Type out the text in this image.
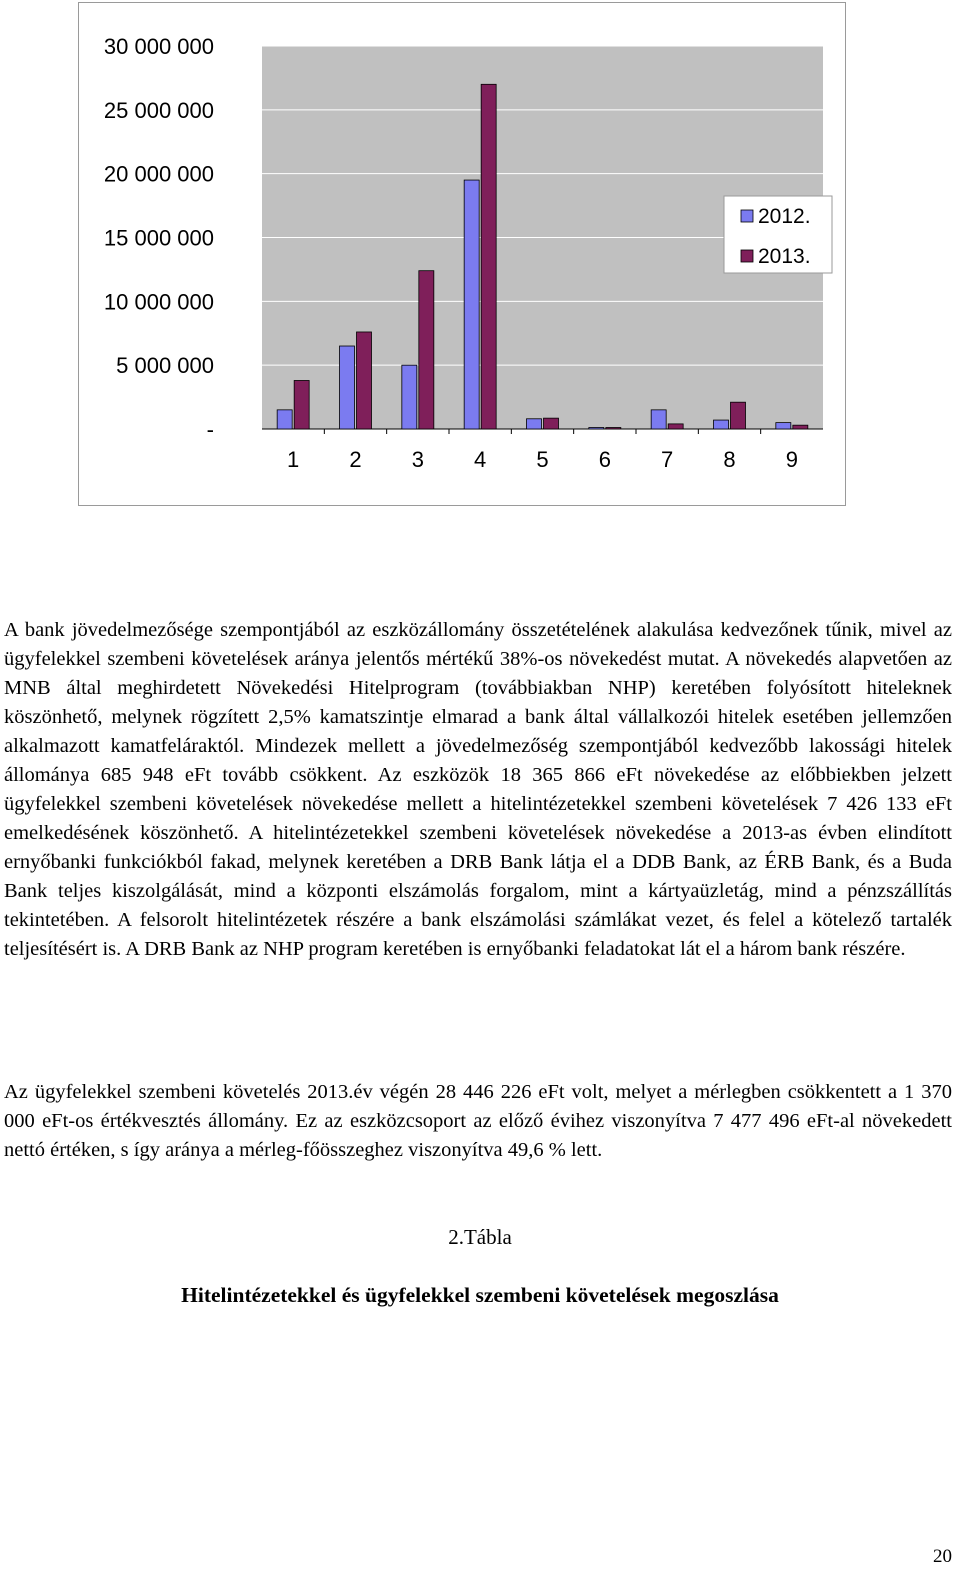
-
5 000 000
10 000 000
15 000 000
20 000 000
25 000 000
30 000 000
1 2 3 4 5 6 7 8 9
2012.
2013.

A bank jövedelmezősége szempontjából az eszközállomány összetételének alakulása kedvezőnek tűnik, mivel az ügyfelekkel szembeni követelések aránya jelentős mértékű 38%-os növekedést mutat. A növekedés alapvetően az MNB által meghirdetett Növekedési Hitelprogram (továbbiakban NHP) keretében folyósított hiteleknek köszönhető, melynek rögzített 2,5% kamatszintje elmarad a bank által vállalkozói hitelek esetében jellemzően alkalmazott kamatfeláraktól. Mindezek mellett a jövedelmezőség szempontjából kedvezőbb lakossági hitelek állománya 685 948 eFt tovább csökkent. Az eszközök 18 365 866 eFt növekedése az előbbiekben jelzett ügyfelekkel szembeni követelések növekedése mellett a hitelintézetekkel szembeni követelések 7 426 133 eFt emelkedésének köszönhető. A hitelintézetekkel szembeni követelések növekedése a 2013-as évben elindított ernyőbanki funkciókból fakad, melynek keretében a DRB Bank látja el a DDB Bank, az ÉRB Bank, és a Buda Bank teljes kiszolgálását, mind a központi elszámolás forgalom, mint a kártyaüzletág, mind a pénzszállítás tekintetében. A felsorolt hitelintézetek részére a bank elszámolási számlákat vezet, és felel a kötelező tartalék teljesítésért is. A DRB Bank az NHP program keretében is ernyőbanki feladatokat lát el a három bank részére.

Az ügyfelekkel szembeni követelés 2013.év végén 28 446 226 eFt volt, melyet a mérlegben csökkentett a 1 370 000 eFt-os értékvesztés állomány. Ez az eszközcsoport az előző évihez viszonyítva 7 477 496 eFt-al növekedett nettó értéken, s így aránya a mérleg-főösszeghez viszonyítva 49,6 % lett.

2.Tábla

Hitelintézetekkel és ügyfelekkel szembeni követelések megoszlása

20
